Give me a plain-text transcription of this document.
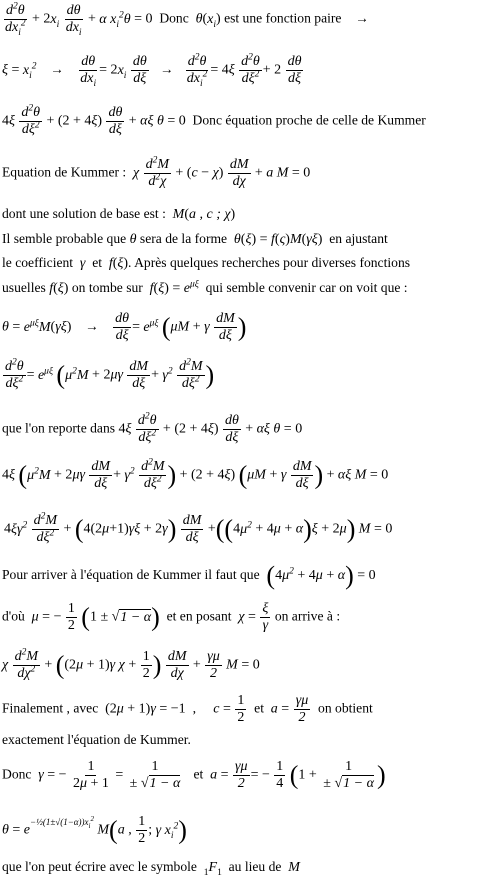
$d^2\theta$
$dx_i^2 + 2x_i$
dθ
$dx_i$
+ α $x_i^2\theta = 0$ Donc $\theta(x_i)$ est une fonction paire →
$\xi = x_i^2$ →
dθ
$dx_i$
= $2x_i \frac{d\theta}{d\xi}$ →
$d^2\theta$
$dx_i^2 = 4\xi \frac{d^2\theta}{d\xi^2} + 2 \frac{d\theta}{d\xi}$
$4\xi \frac{d^2\theta}{d\xi^2} + (2 + 4\xi) \frac{d\theta}{d\xi} + \alpha\xi$ θ = 0 Donc équation proche de celle de Kummer
Equation de Kummer : χ $\frac{d^2M}{d^2\chi} + (c - \chi) \frac{dM}{d\chi} + a$ M = 0
dont une solution de base est : M(a , c ; χ)
Il semble probable que θ sera de la forme θ(ξ) = f(ς)M(γξ) en ajustant
le coefficient γ et f(ξ). Après quelques recherches pour diverses fonctions
usuelles f(ξ) on tombe sur $f(\xi) = e^{\mu\xi}$ qui semble convenir car on voit que :
$\theta = e^{\mu\xi}M(\gamma\xi) \to \frac{d\theta}{d\xi} = e^{\mu\xi}$ (μM + γ $\frac{dM}{d\xi}$ )
$\frac{d^2\theta}{d\xi^2} = e^{\mu\xi}$ ($\mu^2M + 2\mu\gamma \frac{dM}{d\xi} + \gamma^2 \frac{d^2M}{d\xi^2}$ )
que l'on reporte dans $4\xi \frac{d^2\theta}{d\xi^2} + (2 + 4\xi) \frac{d\theta}{d\xi} + \alpha\xi$ θ = 0
4ξ ($\mu^2M + 2\mu\gamma \frac{dM}{d\xi} + \gamma^2 \frac{d^2M}{d\xi^2}$ ) + (2 + 4ξ) (μM + γ $\frac{dM}{d\xi}$ ) + αξ M = 0
$4\xi\gamma^2 \frac{d^2M}{d\xi^2} + (4(2\mu+1)\gamma\xi + 2\gamma) \frac{dM}{d\xi} +((4\mu^2 + 4\mu + \alpha)\xi + 2\mu) M = 0$
Pour arriver à l'équation de Kummer il faut que $(4\mu^2 + 4\mu + \alpha) = 0$
d'où μ = − $\frac{1}{2} (1 \pm √1 - \alpha)$ et en posant $\chi = \frac{\xi}{\gamma}$ on arrive à :
χ $\frac{d^2M}{d\chi^2} + ((2\mu + 1)\gamma$ $\chi + \frac{1}{2}$ ) $\frac{dM}{d\chi} + \frac{\gamma\mu}{2}$ M = 0
Finalement , avec (2μ + 1)γ = −1  ,     $c = \frac{1}{2}$ et $a = \frac{\gamma\mu}{2}$ on obtient
exactement l'équation de Kummer.
Donc γ = − $\frac{1}{2\mu + 1} = \frac{1}{\pm √1 - \alpha}$ et $a = \frac{\gamma\mu}{2}$ = − $\frac{1}{4} (1 + \frac{1}{\pm √1 - \alpha}$ )
$\theta = e^{-\frac{1}{2}(1\pm√(1-\alpha))x_i^2}$ M(a , $\frac{1}{2}$ ; γ $x_i^2$)
que l'on peut écrire avec le symbole $_1F_1$ au lieu de M
